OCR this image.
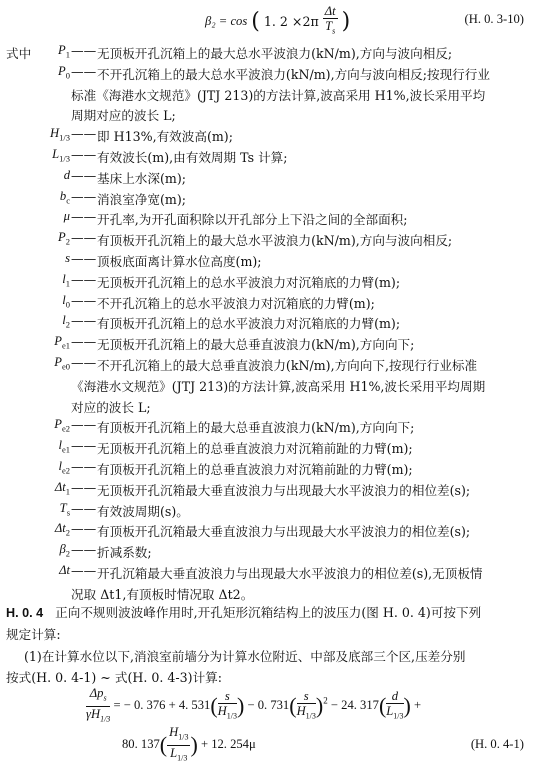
β₂ = cos ( 1. $2 \times 2\pi \frac{\Delta t}{T_s}$ )	(H. 0. 3-10)
式中	$P_1$ —— 无顶板开孔沉箱上的最大总水平波浪力(kN/m),方向与波向相反;
$P_0$ —— 不开孔沉箱上的最大总水平波浪力(kN/m),方向与波向相反;按现行行业
标准《海港水文规范》(JTJ 213)的方法计算,波高采用 H1%,波长采用平均
周期对应的波长 L;
$H_{1/3}$ —— 即 H13%,有效波高(m);
$L_{1/3}$ —— 有效波长(m),由有效周期 Ts 计算;
d —— 基床上水深(m);
$b_c$ —— 消浪室净宽(m);
μ —— 开孔率,为开孔面积除以开孔部分上下沿之间的全部面积;
$P_2$ —— 有顶板开孔沉箱上的最大总水平波浪力(kN/m),方向与波向相反;
s —— 顶板底面离计算水位高度(m);
$l_1$ —— 无顶板开孔沉箱上的总水平波浪力对沉箱底的力臂(m);
$l_0$ —— 不开孔沉箱上的总水平波浪力对沉箱底的力臂(m);
$l_2$ —— 有顶板开孔沉箱上的总水平波浪力对沉箱底的力臂(m);
$P_{e1}$ —— 无顶板开孔沉箱上的最大总垂直波浪力(kN/m),方向向下;
$P_{e0}$ —— 不开孔沉箱上的最大总垂直波浪力(kN/m),方向向下,按现行行业标准
《海港水文规范》(JTJ 213)的方法计算,波高采用 H1%,波长采用平均周期
对应的波长 L;
$P_{e2}$ —— 有顶板开孔沉箱上的最大总垂直波浪力(kN/m),方向向下;
$l_{e1}$ —— 无顶板开孔沉箱上的总垂直波浪力对沉箱前趾的力臂(m);
$l_{e2}$ —— 有顶板开孔沉箱上的总垂直波浪力对沉箱前趾的力臂(m);
$\Delta t_1$ —— 无顶板开孔沉箱最大垂直波浪力与出现最大水平波浪力的相位差(s);
$T_s$ —— 有效波周期(s)。
$\Delta t_2$ —— 有顶板开孔沉箱最大垂直波浪力与出现最大水平波浪力的相位差(s);
$\beta_2$ —— 折减系数;
Δt —— 开孔沉箱最大垂直波浪力与出现最大水平波浪力的相位差(s),无顶板情
况取 Δt1,有顶板时情况取 Δt2。
H. 0. 4 正向不规则波波峰作用时,开孔矩形沉箱结构上的波压力(图 H. 0. 4)可按下列
规定计算:
(1)在计算水位以下,消浪室前墙分为计算水位附近、中部及底部三个区,压差分别
按式(H. 0. 4-1) ~ 式(H. 0. 4-3)计算:
$\frac{\Delta p_s}{\gamma H_{1/3}}$ = − 0. 376 + 4. $531( \frac{s}{H_{1/3}}$ ) − 0. $731( \frac{s}{H_{1/3}} )^2 - 24$. $317( \frac{d}{L_{1/3}}$ ) +
80. $137( \frac{H_{1/3}}{L_{1/3}}$ ) + 12. 254μ	(H. 0. 4-1)
